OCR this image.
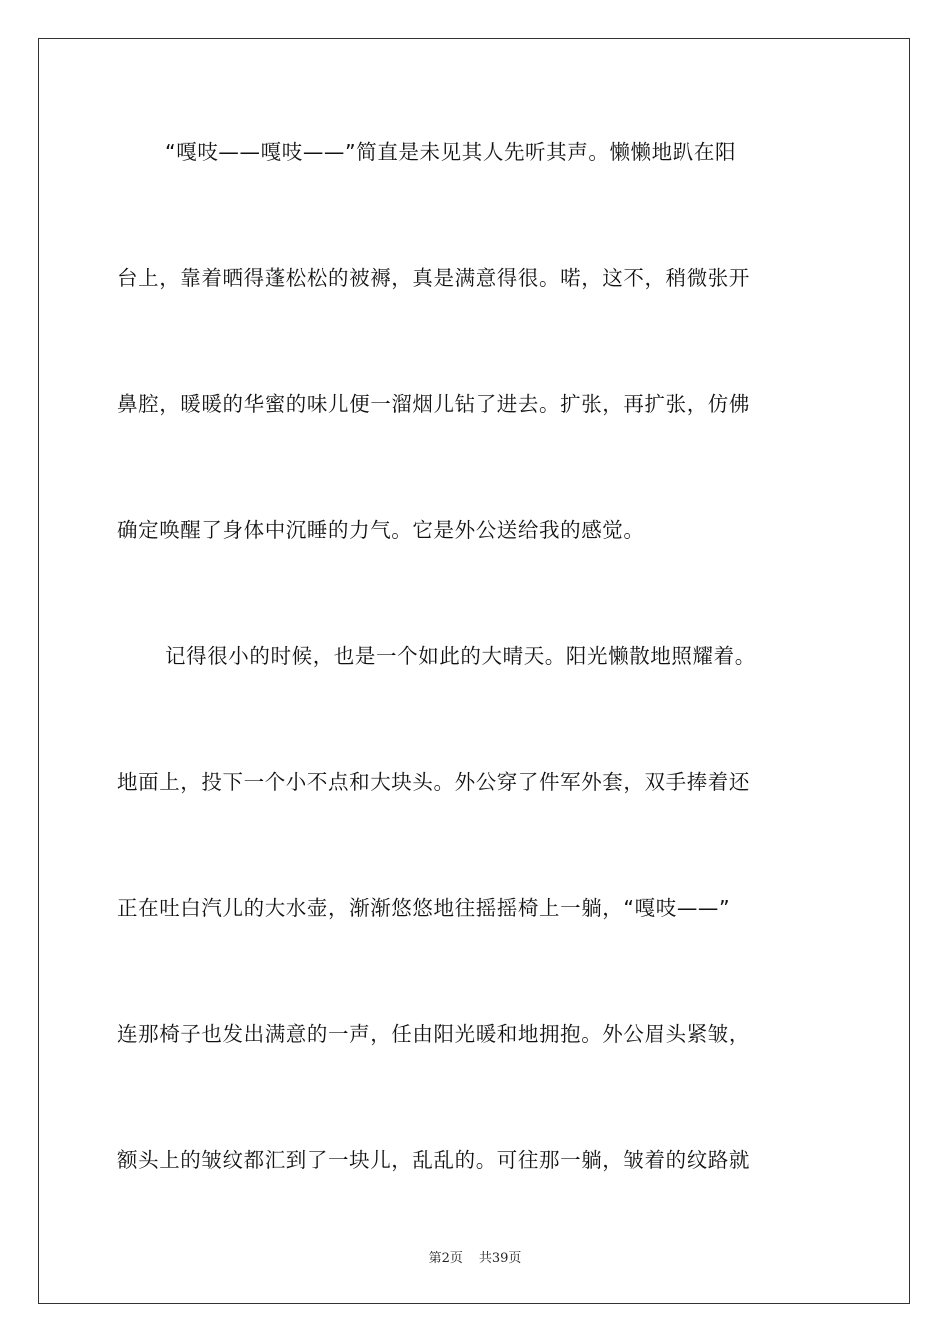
“嘎吱——嘎吱——”简直是未见其人先听其声。懒懒地趴在阳
台上，靠着晒得蓬松松的被褥，真是满意得很。喏，这不，稍微张开
鼻腔，暖暖的华蜜的味儿便一溜烟儿钻了进去。扩张，再扩张，仿佛
确定唤醒了身体中沉睡的力气。它是外公送给我的感觉。
记得很小的时候，也是一个如此的大晴天。阳光懒散地照耀着。
地面上，投下一个小不点和大块头。外公穿了件军外套，双手捧着还
正在吐白汽儿的大水壶，渐渐悠悠地往摇摇椅上一躺，“嘎吱——”
连那椅子也发出满意的一声，任由阳光暖和地拥抱。外公眉头紧皱，
额头上的皱纹都汇到了一块儿，乱乱的。可往那一躺，皱着的纹路就
第2页 共39页
